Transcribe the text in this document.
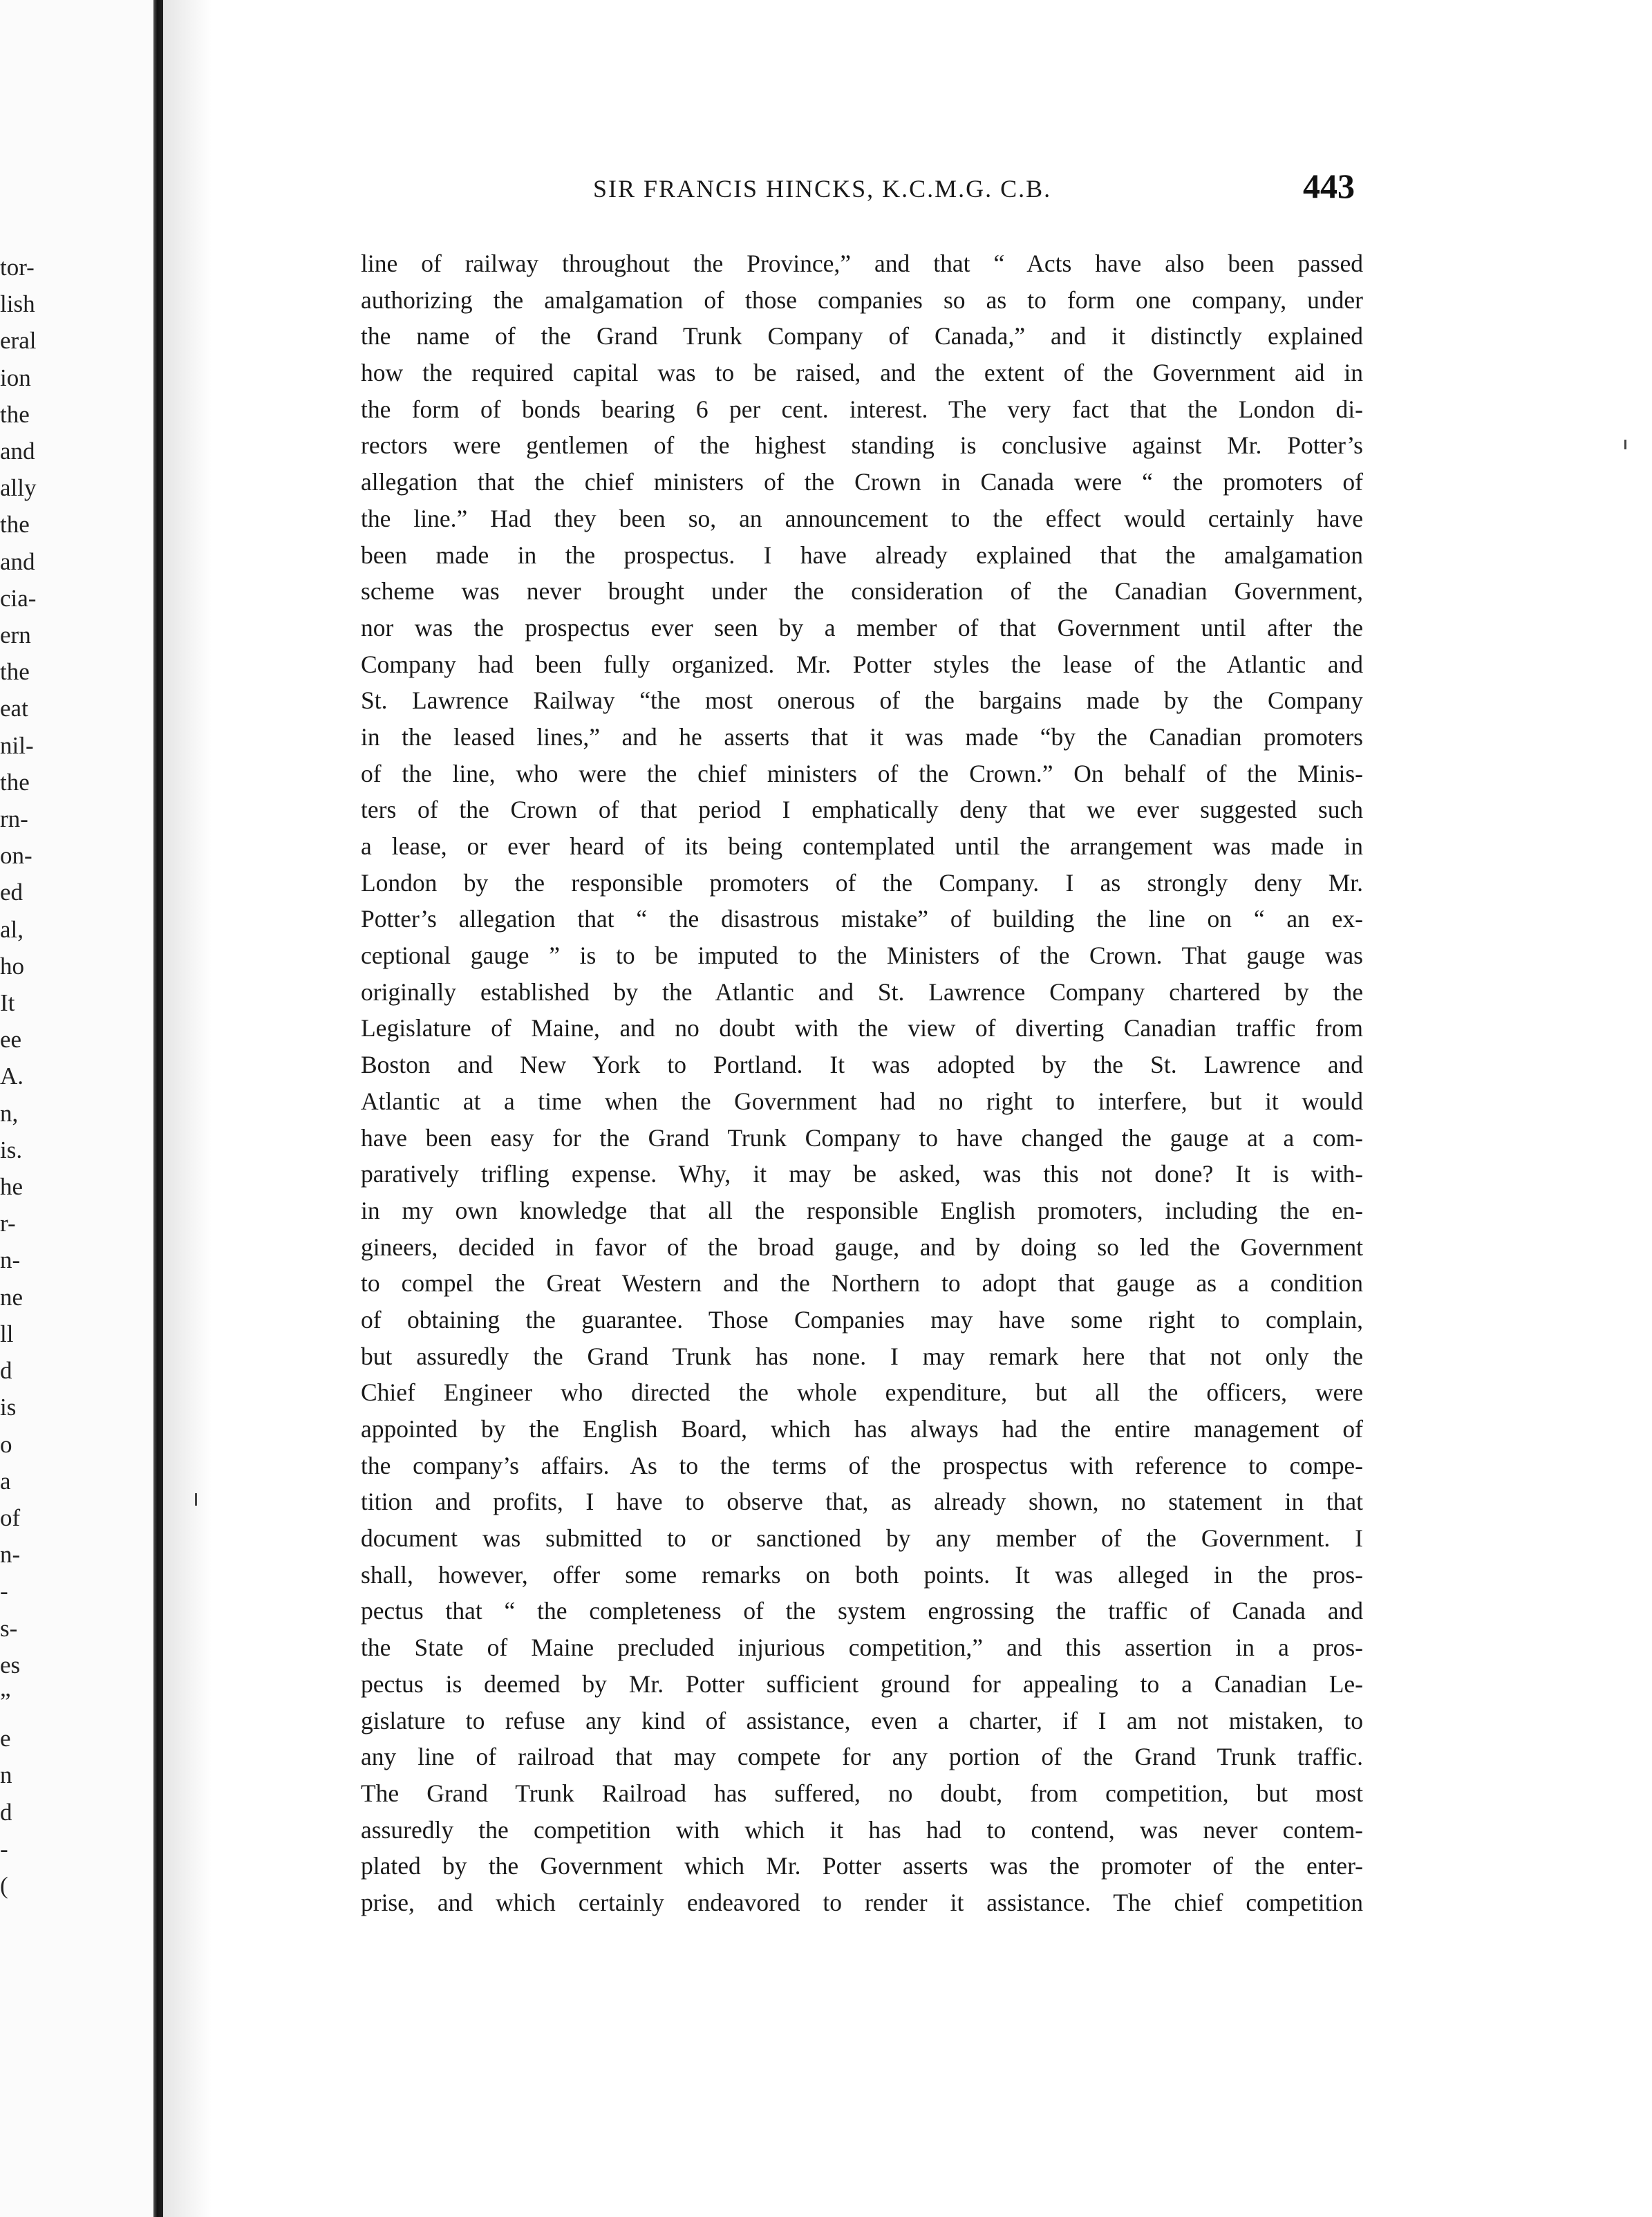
tor-
lish
eral
ion
the
and
ally
the
and
cia-
ern
the
eat
nil-
the
rn-
on-
ed
al,
ho
It
ee
A.
n,
is.
he
r-
n-
ne
ll
d
is
o
a
of
n-
-
s-
es
”
e
n
d
-
(
SIR FRANCIS HINCKS, K.C.M.G. C.B.	443
line of railway throughout the Province,” and that “ Acts have also been passed
authorizing the amalgamation of those companies so as to form one company, under
the name of the Grand Trunk Company of Canada,” and it distinctly explained
how the required capital was to be raised, and the extent of the Government aid in
the form of bonds bearing 6 per cent. interest. The very fact that the London di-
rectors were gentlemen of the highest standing is conclusive against Mr. Potter’s
allegation that the chief ministers of the Crown in Canada were “ the promoters of
the line.” Had they been so, an announcement to the effect would certainly have
been made in the prospectus. I have already explained that the amalgamation
scheme was never brought under the consideration of the Canadian Government,
nor was the prospectus ever seen by a member of that Government until after the
Company had been fully organized. Mr. Potter styles the lease of the Atlantic and
St. Lawrence Railway “the most onerous of the bargains made by the Company
in the leased lines,” and he asserts that it was made “by the Canadian promoters
of the line, who were the chief ministers of the Crown.” On behalf of the Minis-
ters of the Crown of that period I emphatically deny that we ever suggested such
a lease, or ever heard of its being contemplated until the arrangement was made in
London by the responsible promoters of the Company. I as strongly deny Mr.
Potter’s allegation that “ the disastrous mistake” of building the line on “ an ex-
ceptional gauge ” is to be imputed to the Ministers of the Crown. That gauge was
originally established by the Atlantic and St. Lawrence Company chartered by the
Legislature of Maine, and no doubt with the view of diverting Canadian traffic from
Boston and New York to Portland. It was adopted by the St. Lawrence and
Atlantic at a time when the Government had no right to interfere, but it would
have been easy for the Grand Trunk Company to have changed the gauge at a com-
paratively trifling expense. Why, it may be asked, was this not done? It is with-
in my own knowledge that all the responsible English promoters, including the en-
gineers, decided in favor of the broad gauge, and by doing so led the Government
to compel the Great Western and the Northern to adopt that gauge as a condition
of obtaining the guarantee. Those Companies may have some right to complain,
but assuredly the Grand Trunk has none. I may remark here that not only the
Chief Engineer who directed the whole expenditure, but all the officers, were
appointed by the English Board, which has always had the entire management of
the company’s affairs. As to the terms of the prospectus with reference to compe-
tition and profits, I have to observe that, as already shown, no statement in that
document was submitted to or sanctioned by any member of the Government. I
shall, however, offer some remarks on both points. It was alleged in the pros-
pectus that “ the completeness of the system engrossing the traffic of Canada and
the State of Maine precluded injurious competition,” and this assertion in a pros-
pectus is deemed by Mr. Potter sufficient ground for appealing to a Canadian Le-
gislature to refuse any kind of assistance, even a charter, if I am not mistaken, to
any line of railroad that may compete for any portion of the Grand Trunk traffic.
The Grand Trunk Railroad has suffered, no doubt, from competition, but most
assuredly the competition with which it has had to contend, was never contem-
plated by the Government which Mr. Potter asserts was the promoter of the enter-
prise, and which certainly endeavored to render it assistance. The chief competition
